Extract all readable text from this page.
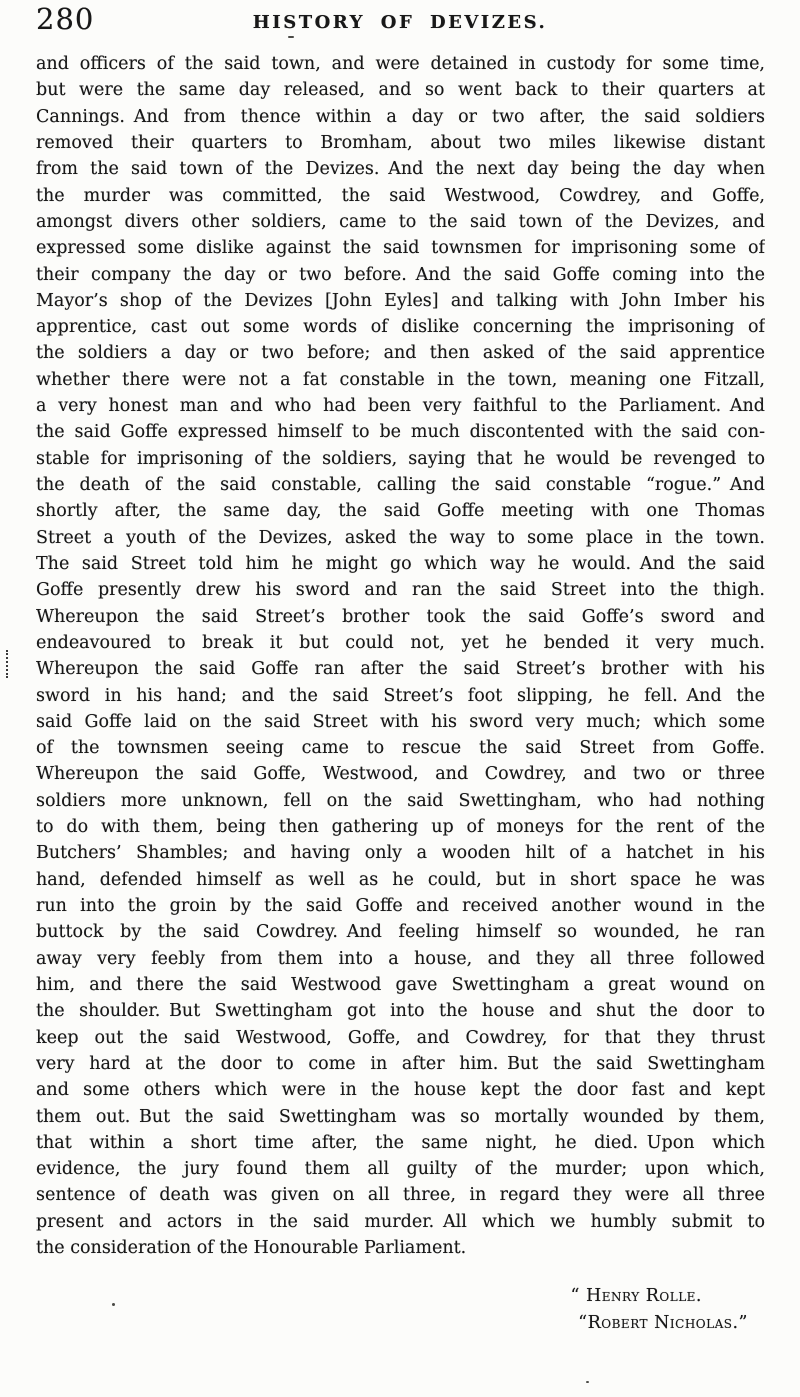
280	HISTORY OF DEVIZES.
and officers of the said town, and were detained in custody for some time,
but were the same day released, and so went back to their quarters at
Cannings. And from thence within a day or two after, the said soldiers
removed their quarters to Bromham, about two miles likewise distant
from the said town of the Devizes. And the next day being the day when
the murder was committed, the said Westwood, Cowdrey, and Goffe,
amongst divers other soldiers, came to the said town of the Devizes, and
expressed some dislike against the said townsmen for imprisoning some of
their company the day or two before. And the said Goffe coming into the
Mayor’s shop of the Devizes [John Eyles] and talking with John Imber his
apprentice, cast out some words of dislike concerning the imprisoning of
the soldiers a day or two before; and then asked of the said apprentice
whether there were not a fat constable in the town, meaning one Fitzall,
a very honest man and who had been very faithful to the Parliament. And
the said Goffe expressed himself to be much discontented with the said con-
stable for imprisoning of the soldiers, saying that he would be revenged to
the death of the said constable, calling the said constable “rogue.” And
shortly after, the same day, the said Goffe meeting with one Thomas
Street a youth of the Devizes, asked the way to some place in the town.
The said Street told him he might go which way he would. And the said
Goffe presently drew his sword and ran the said Street into the thigh.
Whereupon the said Street’s brother took the said Goffe’s sword and
endeavoured to break it but could not, yet he bended it very much.
Whereupon the said Goffe ran after the said Street’s brother with his
sword in his hand; and the said Street’s foot slipping, he fell. And the
said Goffe laid on the said Street with his sword very much; which some
of the townsmen seeing came to rescue the said Street from Goffe.
Whereupon the said Goffe, Westwood, and Cowdrey, and two or three
soldiers more unknown, fell on the said Swettingham, who had nothing
to do with them, being then gathering up of moneys for the rent of the
Butchers’ Shambles; and having only a wooden hilt of a hatchet in his
hand, defended himself as well as he could, but in short space he was
run into the groin by the said Goffe and received another wound in the
buttock by the said Cowdrey. And feeling himself so wounded, he ran
away very feebly from them into a house, and they all three followed
him, and there the said Westwood gave Swettingham a great wound on
the shoulder. But Swettingham got into the house and shut the door to
keep out the said Westwood, Goffe, and Cowdrey, for that they thrust
very hard at the door to come in after him. But the said Swettingham
and some others which were in the house kept the door fast and kept
them out. But the said Swettingham was so mortally wounded by them,
that within a short time after, the same night, he died. Upon which
evidence, the jury found them all guilty of the murder; upon which,
sentence of death was given on all three, in regard they were all three
present and actors in the said murder. All which we humbly submit to
the consideration of the Honourable Parliament.
“ Henry Rolle.
“Robert Nicholas.”
